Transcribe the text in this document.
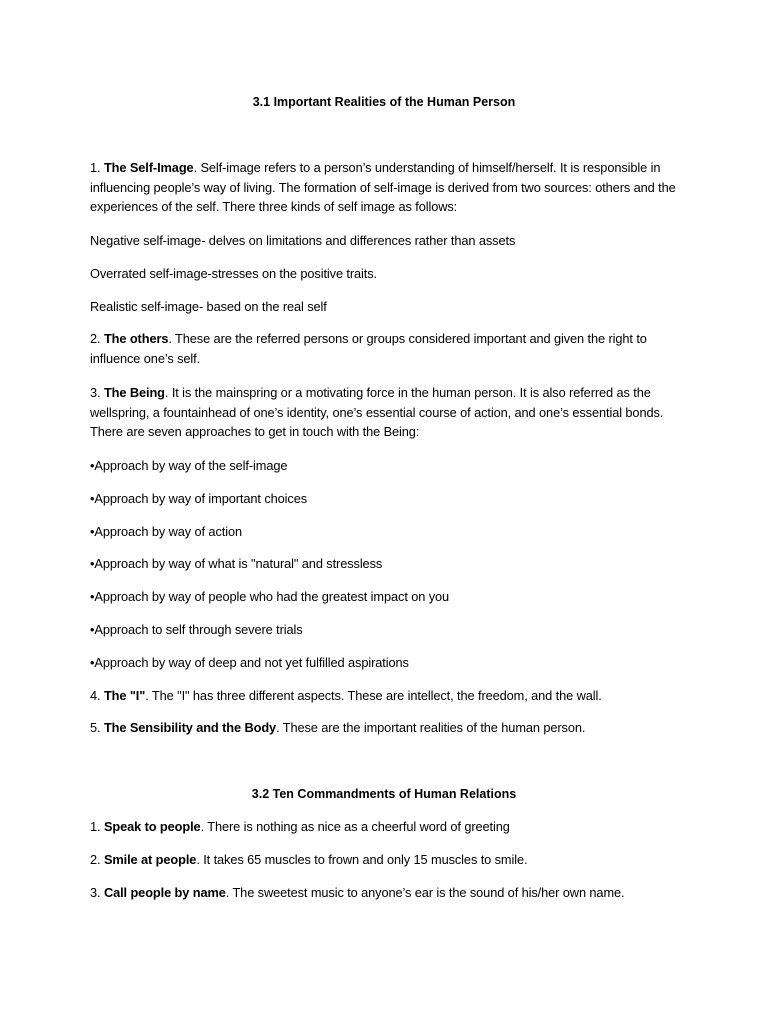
3.1 Important Realities of the Human Person

1. The Self-Image. Self-image refers to a person’s understanding of himself/herself. It is responsible in influencing people’s way of living. The formation of self-image is derived from two sources: others and the experiences of the self. There three kinds of self image as follows:

Negative self-image- delves on limitations and differences rather than assets

Overrated self-image-stresses on the positive traits.

Realistic self-image- based on the real self

2. The others. These are the referred persons or groups considered important and given the right to influence one’s self.

3. The Being. It is the mainspring or a motivating force in the human person. It is also referred as the wellspring, a fountainhead of one’s identity, one’s essential course of action, and one’s essential bonds. There are seven approaches to get in touch with the Being:

•Approach by way of the self-image

•Approach by way of important choices

•Approach by way of action

•Approach by way of what is "natural" and stressless

•Approach by way of people who had the greatest impact on you

•Approach to self through severe trials

•Approach by way of deep and not yet fulfilled aspirations

4. The "I". The "I" has three different aspects. These are intellect, the freedom, and the wall.

5. The Sensibility and the Body. These are the important realities of the human person.

3.2 Ten Commandments of Human Relations

1. Speak to people. There is nothing as nice as a cheerful word of greeting

2. Smile at people. It takes 65 muscles to frown and only 15 muscles to smile.

3. Call people by name. The sweetest music to anyone’s ear is the sound of his/her own name.
